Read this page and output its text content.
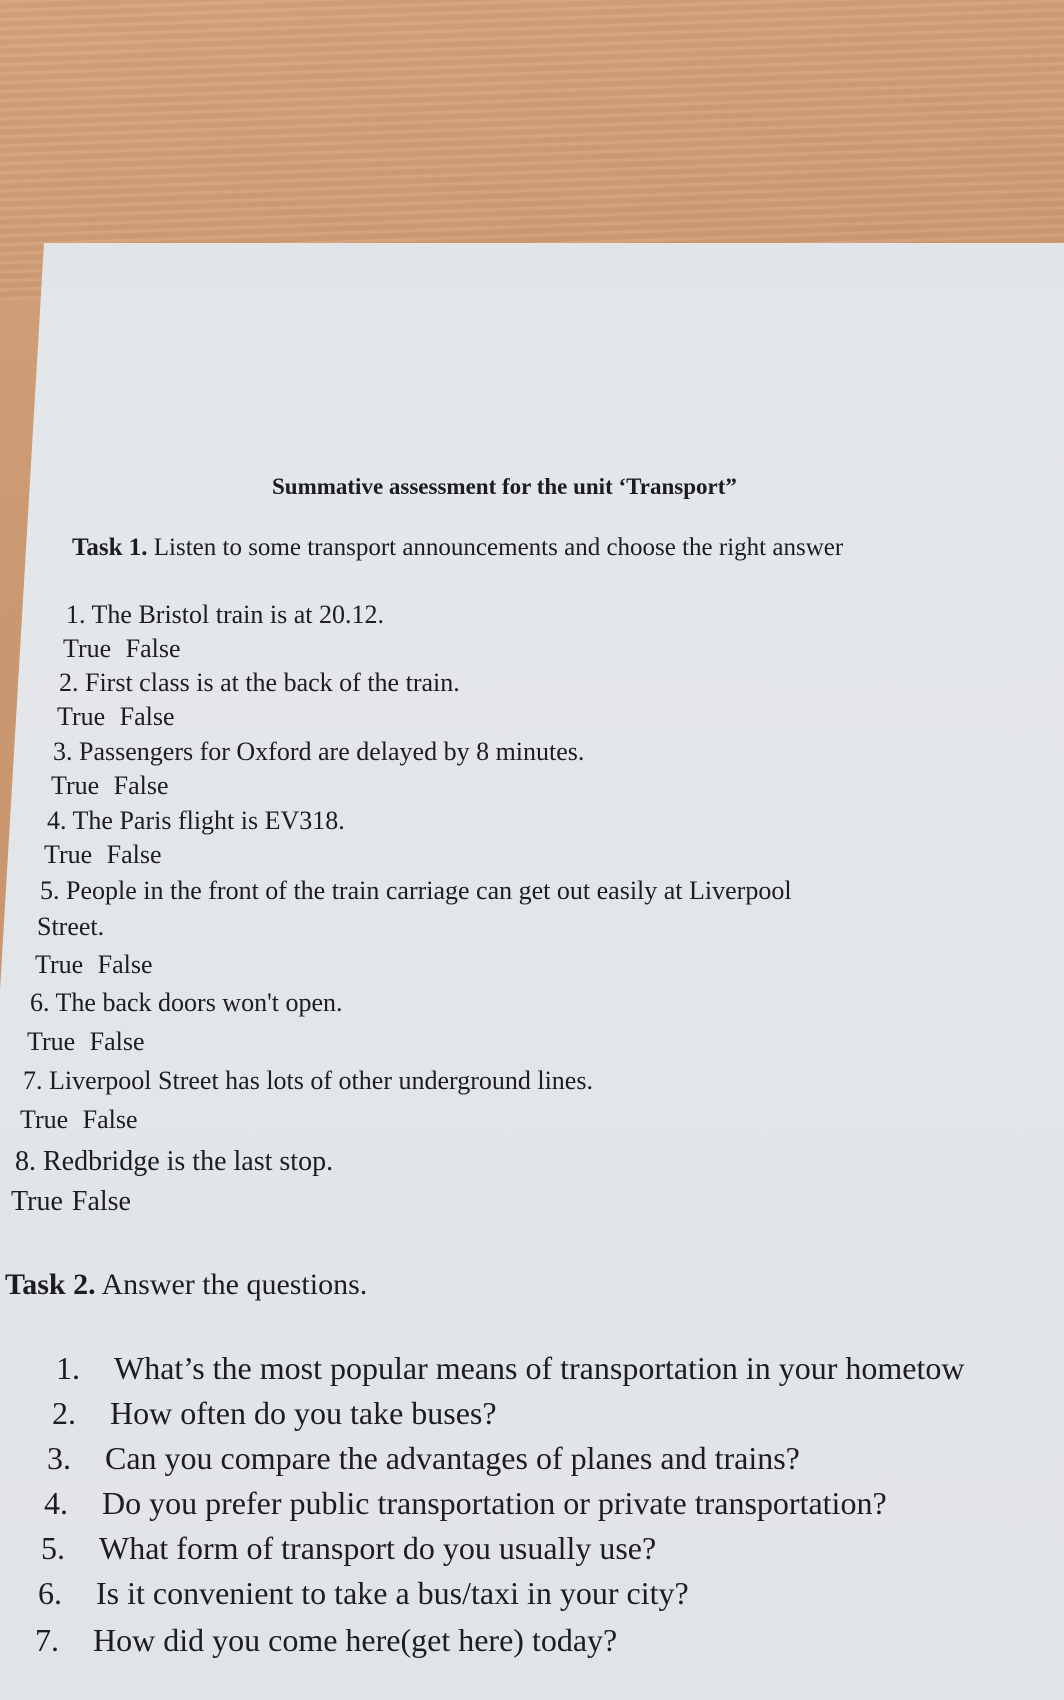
Summative assessment for the unit ‘Transport”
Task 1. Listen to some transport announcements and choose the right answer
1. The Bristol train is at 20.12.
True False
2. First class is at the back of the train.
True False
3. Passengers for Oxford are delayed by 8 minutes.
True False
4. The Paris flight is EV318.
True False
5. People in the front of the train carriage can get out easily at Liverpool
Street.
True False
6. The back doors won't open.
True False
7. Liverpool Street has lots of other underground lines.
True False
8. Redbridge is the last stop.
True False
Task 2. Answer the questions.
1. What’s the most popular means of transportation in your hometow
2. How often do you take buses?
3. Can you compare the advantages of planes and trains?
4. Do you prefer public transportation or private transportation?
5. What form of transport do you usually use?
6. Is it convenient to take a bus/taxi in your city?
7. How did you come here(get here) today?
